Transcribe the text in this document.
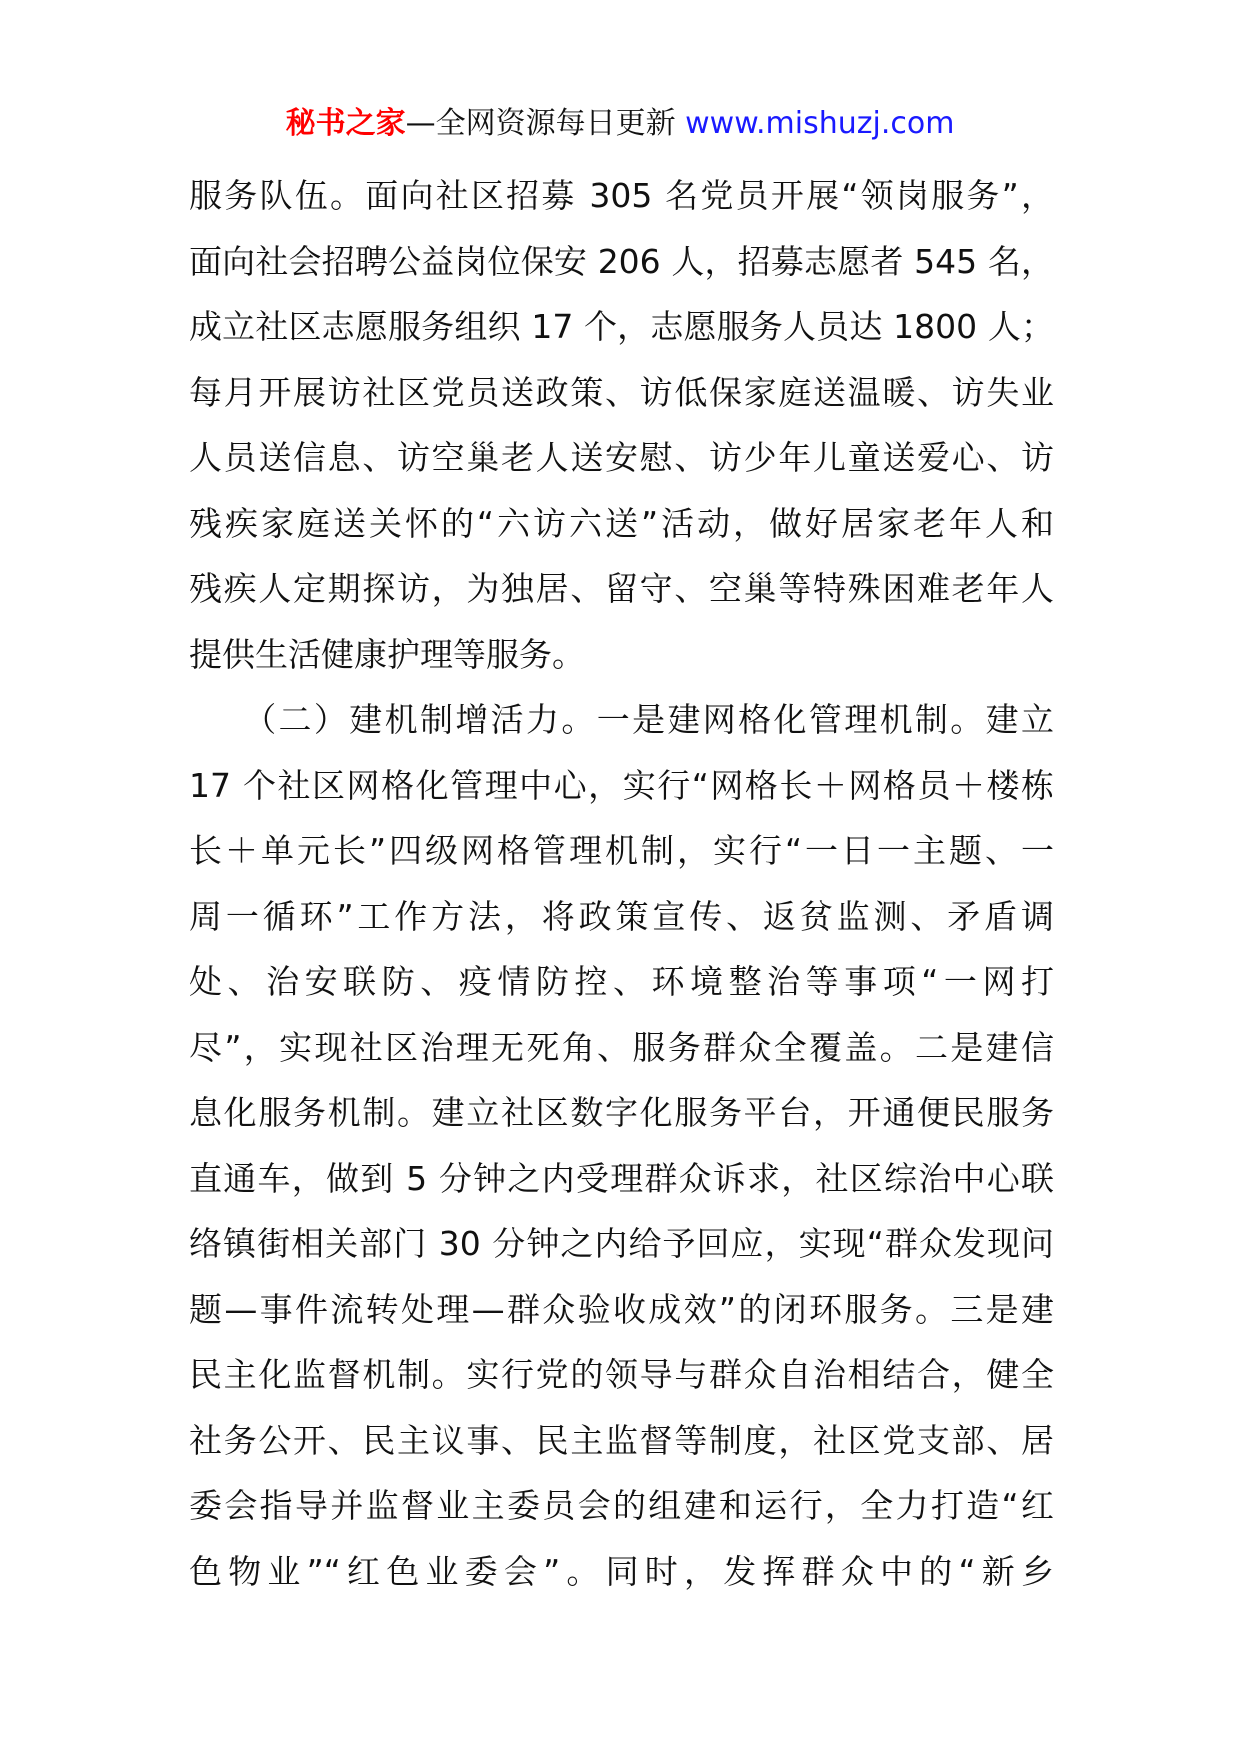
秘书之家—全网资源每日更新 www.mishuzj.com
服务队伍。面向社区招募 305 名党员开展“领岗服务”，
面向社会招聘公益岗位保安 206 人，招募志愿者 545 名，
成立社区志愿服务组织 17 个，志愿服务人员达 1800 人；
每月开展访社区党员送政策、访低保家庭送温暖、访失业
人员送信息、访空巢老人送安慰、访少年儿童送爱心、访
残疾家庭送关怀的“六访六送”活动，做好居家老年人和
残疾人定期探访，为独居、留守、空巢等特殊困难老年人
提供生活健康护理等服务。
　　（二）建机制增活力。一是建网格化管理机制。建立
17 个社区网格化管理中心，实行“网格长＋网格员＋楼栋
长＋单元长”四级网格管理机制，实行“一日一主题、一
周一循环”工作方法，将政策宣传、返贫监测、矛盾调
处、治安联防、疫情防控、环境整治等事项“一网打
尽”，实现社区治理无死角、服务群众全覆盖。二是建信
息化服务机制。建立社区数字化服务平台，开通便民服务
直通车，做到 5 分钟之内受理群众诉求，社区综治中心联
络镇街相关部门 30 分钟之内给予回应，实现“群众发现问
题—事件流转处理—群众验收成效”的闭环服务。三是建
民主化监督机制。实行党的领导与群众自治相结合，健全
社务公开、民主议事、民主监督等制度，社区党支部、居
委会指导并监督业主委员会的组建和运行，全力打造“红
色物业”“红色业委会”。同时，发挥群众中的“新乡
